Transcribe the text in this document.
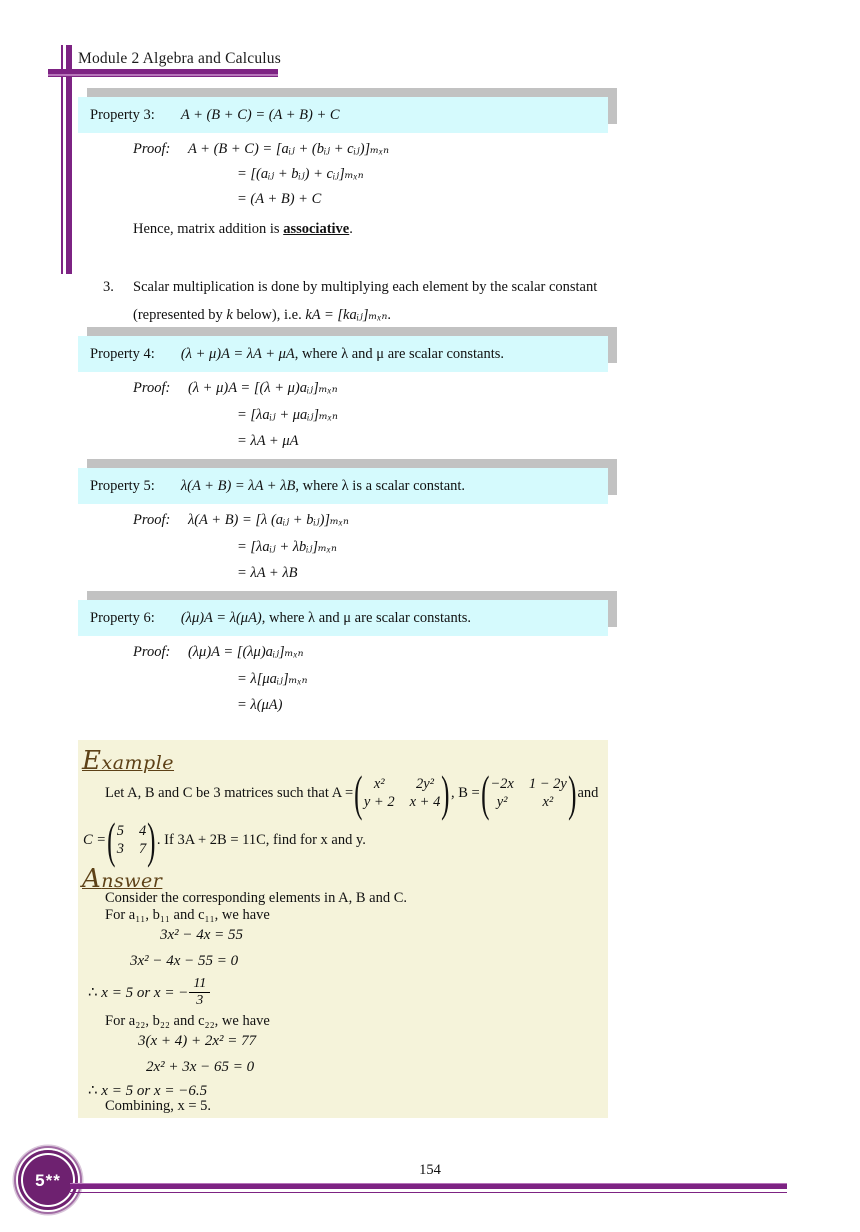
Module 2 Algebra and Calculus
Property 3: A + (B + C) = (A + B) + C
Proof: A + (B + C) = [aᵢⱼ + (bᵢⱼ + cᵢⱼ)]ₘₓₙ
= [(aᵢⱼ + bᵢⱼ) + cᵢⱼ]ₘₓₙ
= (A + B) + C
Hence, matrix addition is associative.
3. Scalar multiplication is done by multiplying each element by the scalar constant (represented by k below), i.e. kA = [kaᵢⱼ]ₘₓₙ.
Property 4: (λ + μ)A = λA + μA , where λ and μ are scalar constants.
Proof: (λ + μ)A = [(λ + μ)aᵢⱼ]ₘₓₙ
= [λaᵢⱼ + μaᵢⱼ]ₘₓₙ
= λA + μA
Property 5: λ(A + B) = λA + λB , where λ is a scalar constant.
Proof: λ(A + B) = [λ (aᵢⱼ + bᵢⱼ)]ₘₓₙ
= [λaᵢⱼ + λbᵢⱼ]ₘₓₙ
= λA + λB
Property 6: (λμ)A = λ(μA) , where λ and μ are scalar constants.
Proof: (λμ)A = [(λμ)aᵢⱼ]ₘₓₙ
= λ[μaᵢⱼ]ₘₓₙ
= λ(μA)
Example
Let A, B and C be 3 matrices such that A = ( x²	2y²
y + 2 x + 4 ) , B = ( −2x 1 − 2y
y²	x² ) and
C = ( 5 4
3 7 ) . If 3A + 2B = 11C, find for x and y.
Answer
Consider the corresponding elements in A, B and C.
For a₁₁, b₁₁ and c₁₁, we have
3x² − 4x = 55
3x² − 4x − 55 = 0
∴ x = 5 or x = − $\frac{11}{3}$
For a₂₂, b₂₂ and c₂₂, we have
3(x + 4) + 2x² = 77
2x² + 3x − 65 = 0
∴ x = 5 or x = −6.5
Combining, x = 5.
5**
154
